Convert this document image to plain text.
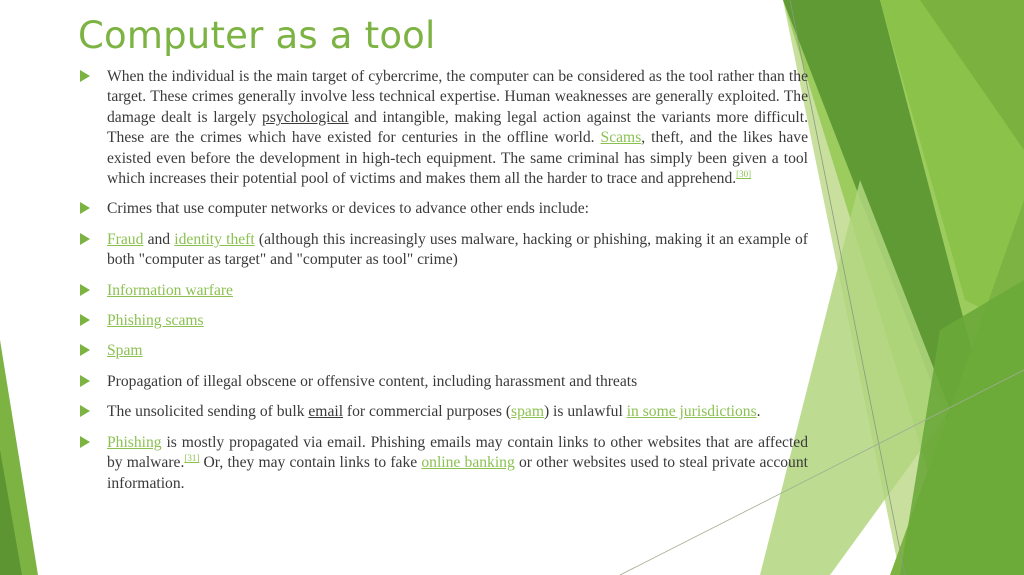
Computer as a tool
When the individual is the main target of cybercrime, the computer can be considered as the tool rather than the target. These crimes generally involve less technical expertise. Human weaknesses are generally exploited. The damage dealt is largely psychological and intangible, making legal action against the variants more difficult. These are the crimes which have existed for centuries in the offline world. Scams, theft, and the likes have existed even before the development in high-tech equipment. The same criminal has simply been given a tool which increases their potential pool of victims and makes them all the harder to trace and apprehend.[30]
Crimes that use computer networks or devices to advance other ends include:
Fraud and identity theft (although this increasingly uses malware, hacking or phishing, making it an example of both "computer as target" and "computer as tool" crime)
Information warfare
Phishing scams
Spam
Propagation of illegal obscene or offensive content, including harassment and threats
The unsolicited sending of bulk email for commercial purposes (spam) is unlawful in some jurisdictions.
Phishing is mostly propagated via email. Phishing emails may contain links to other websites that are affected by malware.[31] Or, they may contain links to fake online banking or other websites used to steal private account information.
